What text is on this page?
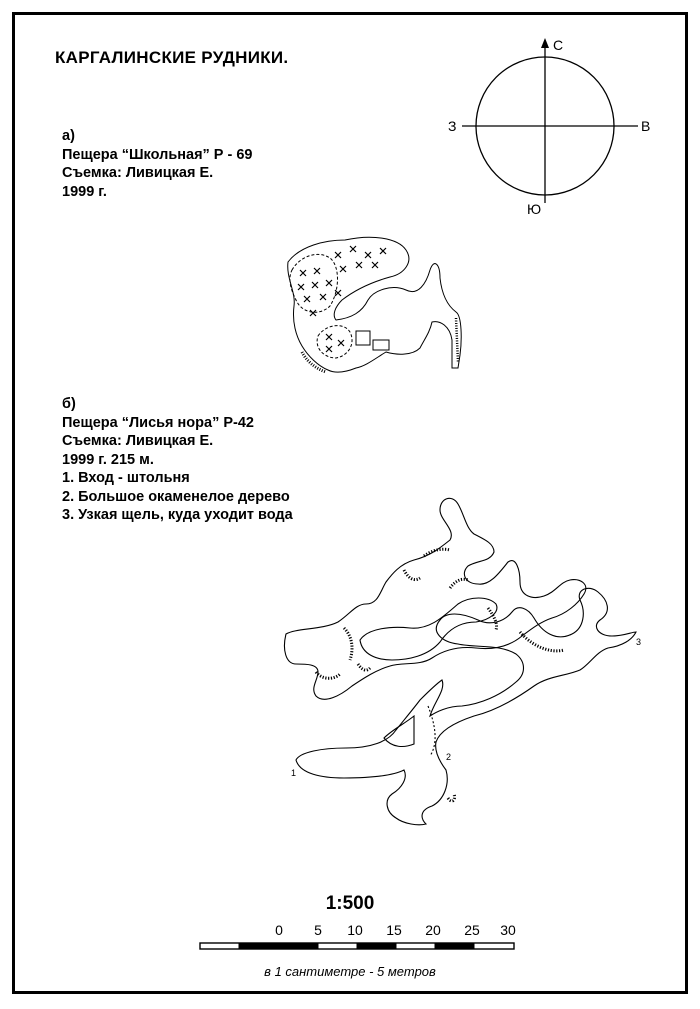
КАРГАЛИНСКИЕ РУДНИКИ.
а)
Пещера “Школьная” Р - 69
Съемка: Ливицкая Е.
1999 г.
б)
Пещера “Лисья нора” Р-42
Съемка: Ливицкая Е.
1999 г. 215 м.
1. Вход - штольня
2. Большое окаменелое дерево
3. Узкая щель, куда уходит вода
С
В
З
Ю
1
2
3
0 5 10 15 20 25 30
1:500
в 1 сантиметре - 5 метров
